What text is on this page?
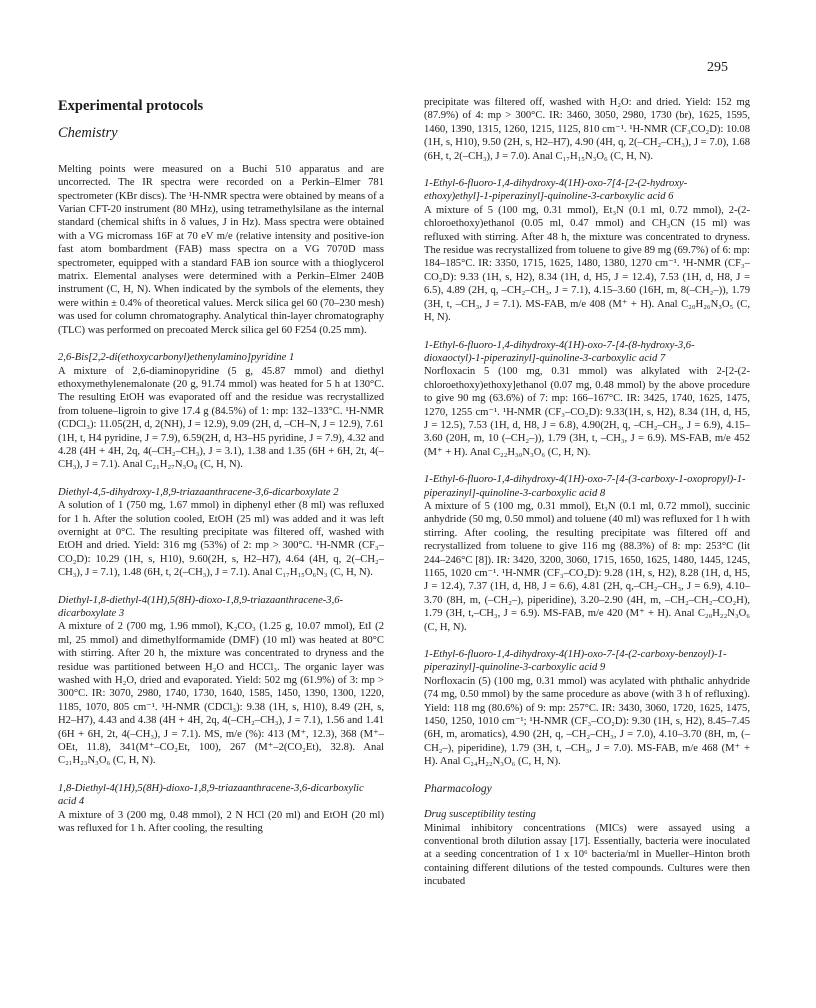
295
Experimental protocols
Chemistry

Melting points were measured on a Buchi 510 apparatus and are uncorrected. The IR spectra were recorded on a Perkin–Elmer 781 spectrometer (KBr discs). The ¹H-NMR spectra were obtained by means of a Varian CFT-20 instrument (80 MHz), using tetramethylsilane as the internal standard (chemical shifts in δ values, J in Hz). Mass spectra were obtained with a VG micromass 16F at 70 eV m/e (relative intensity and positive-ion fast atom bombardment (FAB) mass spectra on a VG 7070D mass spectrometer, equipped with a standard FAB ion source with a thioglycerol matrix. Elemental analyses were determined with a Perkin–Elmer 240B instrument (C, H, N). When indicated by the symbols of the elements, they were within ± 0.4% of theoretical values. Merck silica gel 60 (70–230 mesh) was used for column chromatography. Analytical thin-layer chromatography (TLC) was performed on precoated Merck silica gel 60 F254 (0.25 mm).

2,6-Bis[2,2-di(ethoxycarbonyl)ethenylamino]pyridine 1
A mixture of 2,6-diaminopyridine (5 g, 45.87 mmol) and diethyl ethoxymethylenemalonate (20 g, 91.74 mmol) was heated for 5 h at 130°C. The resulting EtOH was evaporated off and the residue was recrystallized from toluene–ligroin to give 17.4 g (84.5%) of 1: mp: 132–133°C. ¹H-NMR (CDCl₃): 11.05(2H, d, 2(NH), J = 12.9), 9.09 (2H, d, –CH–N, J = 12.9), 7.61 (1H, t, H4 pyridine, J = 7.9), 6.59(2H, d, H3–H5 pyridine, J = 7.9), 4.32 and 4.28 (4H + 4H, 2q, 4(–CH₂–CH₃), J = 3.1), 1.38 and 1.35 (6H + 6H, 2t, 4(–CH₃), J = 7.1). Anal C₂₁H₂₇N₃O₈ (C, H, N).
Diethyl-4,5-dihydroxy-1,8,9-triazaanthracene-3,6-dicarboxylate 2
A solution of 1 (750 mg, 1.67 mmol) in diphenyl ether (8 ml) was refluxed for 1 h. After the solution cooled, EtOH (25 ml) was added and it was left overnight at 0°C. The resulting precipitate was filtered off, washed with EtOH and dried. Yield: 316 mg (53%) of 2: mp > 300°C. ¹H-NMR (CF₃–CO₂D): 10.29 (1H, s, H10), 9.60(2H, s, H2–H7), 4.64 (4H, q, 2(–CH₂– CH₃), J = 7.1), 1.48 (6H, t, 2(–CH₃), J = 7.1). Anal C₁₇H₁₅O₆N₃ (C, H, N).
Diethyl-1,8-diethyl-4(1H),5(8H)-dioxo-1,8,9-triazaanthracene-3,6-dicarboxylate 3
A mixture of 2 (700 mg, 1.96 mmol), K₂CO₃ (1.25 g, 10.07 mmol), EtI (2 ml, 25 mmol) and dimethylformamide (DMF) (10 ml) was heated at 80°C with stirring. After 20 h, the mixture was concentrated to dryness and the residue was partitioned between H₂O and HCCl₃. The organic layer was washed with H₂O, dried and evaporated. Yield: 502 mg (61.9%) of 3: mp > 300°C. IR: 3070, 2980, 1740, 1730, 1640, 1585, 1450, 1390, 1300, 1220, 1185, 1070, 805 cm⁻¹. ¹H-NMR (CDCl₃): 9.38 (1H, s, H10), 8.49 (2H, s, H2–H7), 4.43 and 4.38 (4H + 4H, 2q, 4(–CH₂–CH₃), J = 7.1), 1.56 and 1.41 (6H + 6H, 2t, 4(–CH₃), J = 7.1). MS, m/e (%): 413 (M⁺, 12.3), 368 (M⁺–OEt, 11.8), 341(M⁺–CO₂Et, 100), 267 (M⁺–2(CO₂Et), 32.8). Anal C₂₁H₂₃N₃O₆ (C, H, N).
1,8-Diethyl-4(1H),5(8H)-dioxo-1,8,9-triazaanthracene-3,6-dicarboxylic acid 4
A mixture of 3 (200 mg, 0.48 mmol), 2 N HCl (20 ml) and EtOH (20 ml) was refluxed for 1 h. After cooling, the resulting
precipitate was filtered off, washed with H₂O: and dried. Yield: 152 mg (87.9%) of 4: mp > 300°C. IR: 3460, 3050, 2980, 1730 (br), 1625, 1595, 1460, 1390, 1315, 1260, 1215, 1125, 810 cm⁻¹. ¹H-NMR (CF₃CO₂D): 10.08 (1H, s, H10), 9.50 (2H, s, H2–H7), 4.90 (4H, q, 2(–CH₂–CH₃), J = 7.0), 1.68 (6H, t, 2(–CH₃), J = 7.0). Anal C₁₇H₁₅N₃O₆ (C, H, N).
1-Ethyl-6-fluoro-1,4-dihydroxy-4(1H)-oxo-7[4-[2-(2-hydroxy-ethoxy)ethyl]-1-piperazinyl]-quinoline-3-carboxylic acid 6
A mixture of 5 (100 mg, 0.31 mmol), Et₃N (0.1 ml, 0.72 mmol), 2-(2-chloroethoxy)ethanol (0.05 ml, 0.47 mmol) and CH₃CN (15 ml) was refluxed with stirring. After 48 h, the mixture was concentrated to dryness. The residue was recrystallized from toluene to give 89 mg (69.7%) of 6: mp: 184–185°C. IR: 3350, 1715, 1625, 1480, 1380, 1270 cm⁻¹. ¹H-NMR (CF₃–CO₂D): 9.33 (1H, s, H2), 8.34 (1H, d, H5, J = 12.4), 7.53 (1H, d, H8, J = 6.5), 4.89 (2H, q, –CH₂–CH₃, J = 7.1), 4.15–3.60 (16H, m, 8(–CH₂–)), 1.79 (3H, t, –CH₃, J = 7.1). MS-FAB, m/e 408 (M⁺ + H). Anal C₂₀H₂₆N₃O₅ (C, H, N).
1-Ethyl-6-fluoro-1,4-dihydroxy-4(1H)-oxo-7-[4-(8-hydroxy-3,6-dioxaoctyl)-1-piperazinyl]-quinoline-3-carboxylic acid 7
Norfloxacin 5 (100 mg, 0.31 mmol) was alkylated with 2-[2-(2-chloroethoxy)ethoxy]ethanol (0.07 mg, 0.48 mmol) by the above procedure to give 90 mg (63.6%) of 7: mp: 166–167°C. IR: 3425, 1740, 1625, 1475, 1270, 1255 cm⁻¹. ¹H-NMR (CF₃–CO₂D): 9.33(1H, s, H2), 8.34 (1H, d, H5, J = 12.5), 7.53 (1H, d, H8, J = 6.8), 4.90(2H, q, –CH₂–CH₃, J = 6.9), 4.15–3.60 (20H, m, 10 (–CH₂–)), 1.79 (3H, t, –CH₃, J = 6.9). MS-FAB, m/e 452 (M⁺ + H). Anal C₂₂H₃₀N₃O₆ (C, H, N).
1-Ethyl-6-fluoro-1,4-dihydroxy-4(1H)-oxo-7-[4-(3-carboxy-1-oxopropyl)-1-piperazinyl]-quinoline-3-carboxylic acid 8
A mixture of 5 (100 mg, 0.31 mmol), Et₃N (0.1 ml, 0.72 mmol), succinic anhydride (50 mg, 0.50 mmol) and toluene (40 ml) was refluxed for 1 h with stirring. After cooling, the resulting precipitate was filtered off and recrystallized from toluene to give 116 mg (88.3%) of 8: mp: 253°C (lit 244–246°C [8]). IR: 3420, 3200, 3060, 1715, 1650, 1625, 1480, 1445, 1245, 1165, 1020 cm⁻¹. ¹H-NMR (CF₃–CO₂D): 9.28 (1H, s, H2), 8.28 (1H, d, H5, J = 12.4), 7.37 (1H, d, H8, J = 6.6), 4.81 (2H, q,–CH₂–CH₃, J = 6.9), 4.10–3.70 (8H, m, (–CH₂–), piperidine), 3.20–2.90 (4H, m, –CH₂–CH₂–CO₂H), 1.79 (3H, t,–CH₃, J = 6.9). MS-FAB, m/e 420 (M⁺ + H). Anal C₂₀H₂₂N₃O₆ (C, H, N).
1-Ethyl-6-fluoro-1,4-dihydroxy-4(1H)-oxo-7-[4-(2-carboxy-benzoyl)-1-piperazinyl]-quinoline-3-carboxylic acid 9
Norfloxacin (5) (100 mg, 0.31 mmol) was acylated with phthalic anhydride (74 mg, 0.50 mmol) by the same procedure as above (with 3 h of refluxing). Yield: 118 mg (80.6%) of 9: mp: 257°C. IR: 3430, 3060, 1720, 1625, 1475, 1450, 1250, 1010 cm⁻¹; ¹H-NMR (CF₃–CO₂D): 9.30 (1H, s, H2), 8.45–7.45 (6H, m, aromatics), 4.90 (2H, q, –CH₂–CH₃, J = 7.0), 4.10–3.70 (8H, m, (–CH₂–), piperidine), 1.79 (3H, t, –CH₃, J = 7.0). MS-FAB, m/e 468 (M⁺ + H). Anal C₂₄H₂₂N₃O₆ (C, H, N).
Pharmacology
Drug susceptibility testing
Minimal inhibitory concentrations (MICs) were assayed using a conventional broth dilution assay [17]. Essentially, bacteria were inoculated at a seeding concentration of 1 x 10⁶ bacteria/ml in Mueller–Hinton broth containing different dilutions of the tested compounds. Cultures were then incubated
